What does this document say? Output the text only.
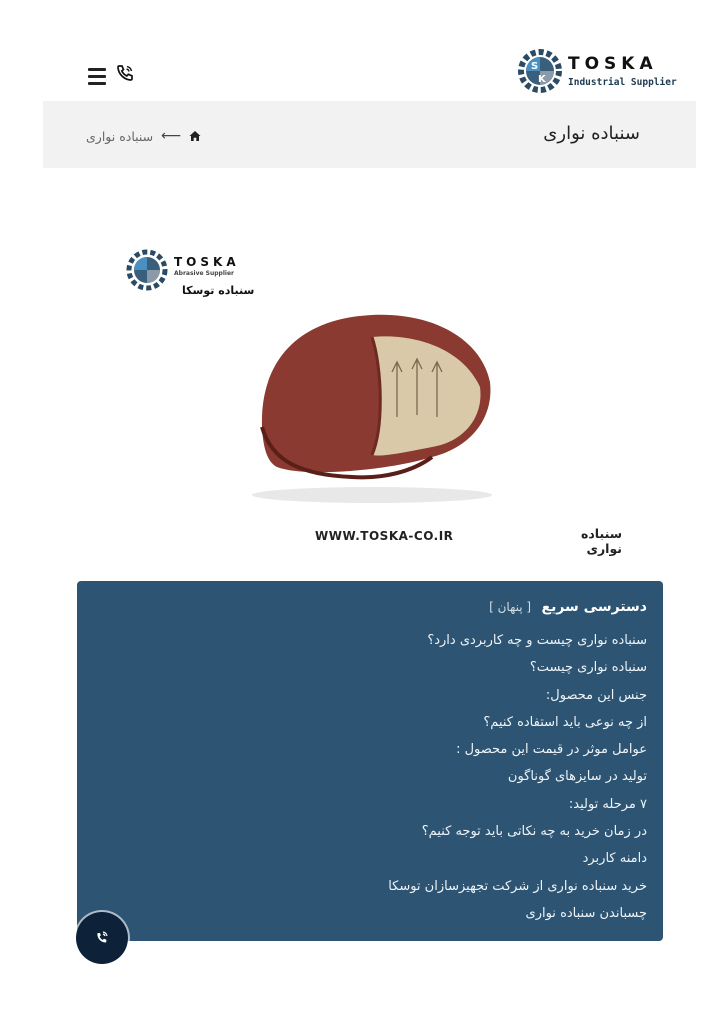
S
K
TOSKA
Industrial Supplier
سنباده نواری
سنباده نواری ⟵
TOSKA
Abrasive Supplier
سنباده توسکا
WWW.TOSKA-CO.IR	سنباده نواری
دسترسی سریع [ پنهان ]
سنباده نواری چیست و چه کاربردی دارد؟
سنباده نواری چیست؟
جنس این محصول:
از چه نوعی باید استفاده کنیم؟
عوامل موثر در قیمت این محصول :
تولید در سایزهای گوناگون
۷ مرحله تولید:
در زمان خرید به چه نکاتی باید توجه کنیم؟
دامنه کاربرد
خرید سنباده نواری از شرکت تجهیزسازان توسکا
چسباندن سنباده نواری
